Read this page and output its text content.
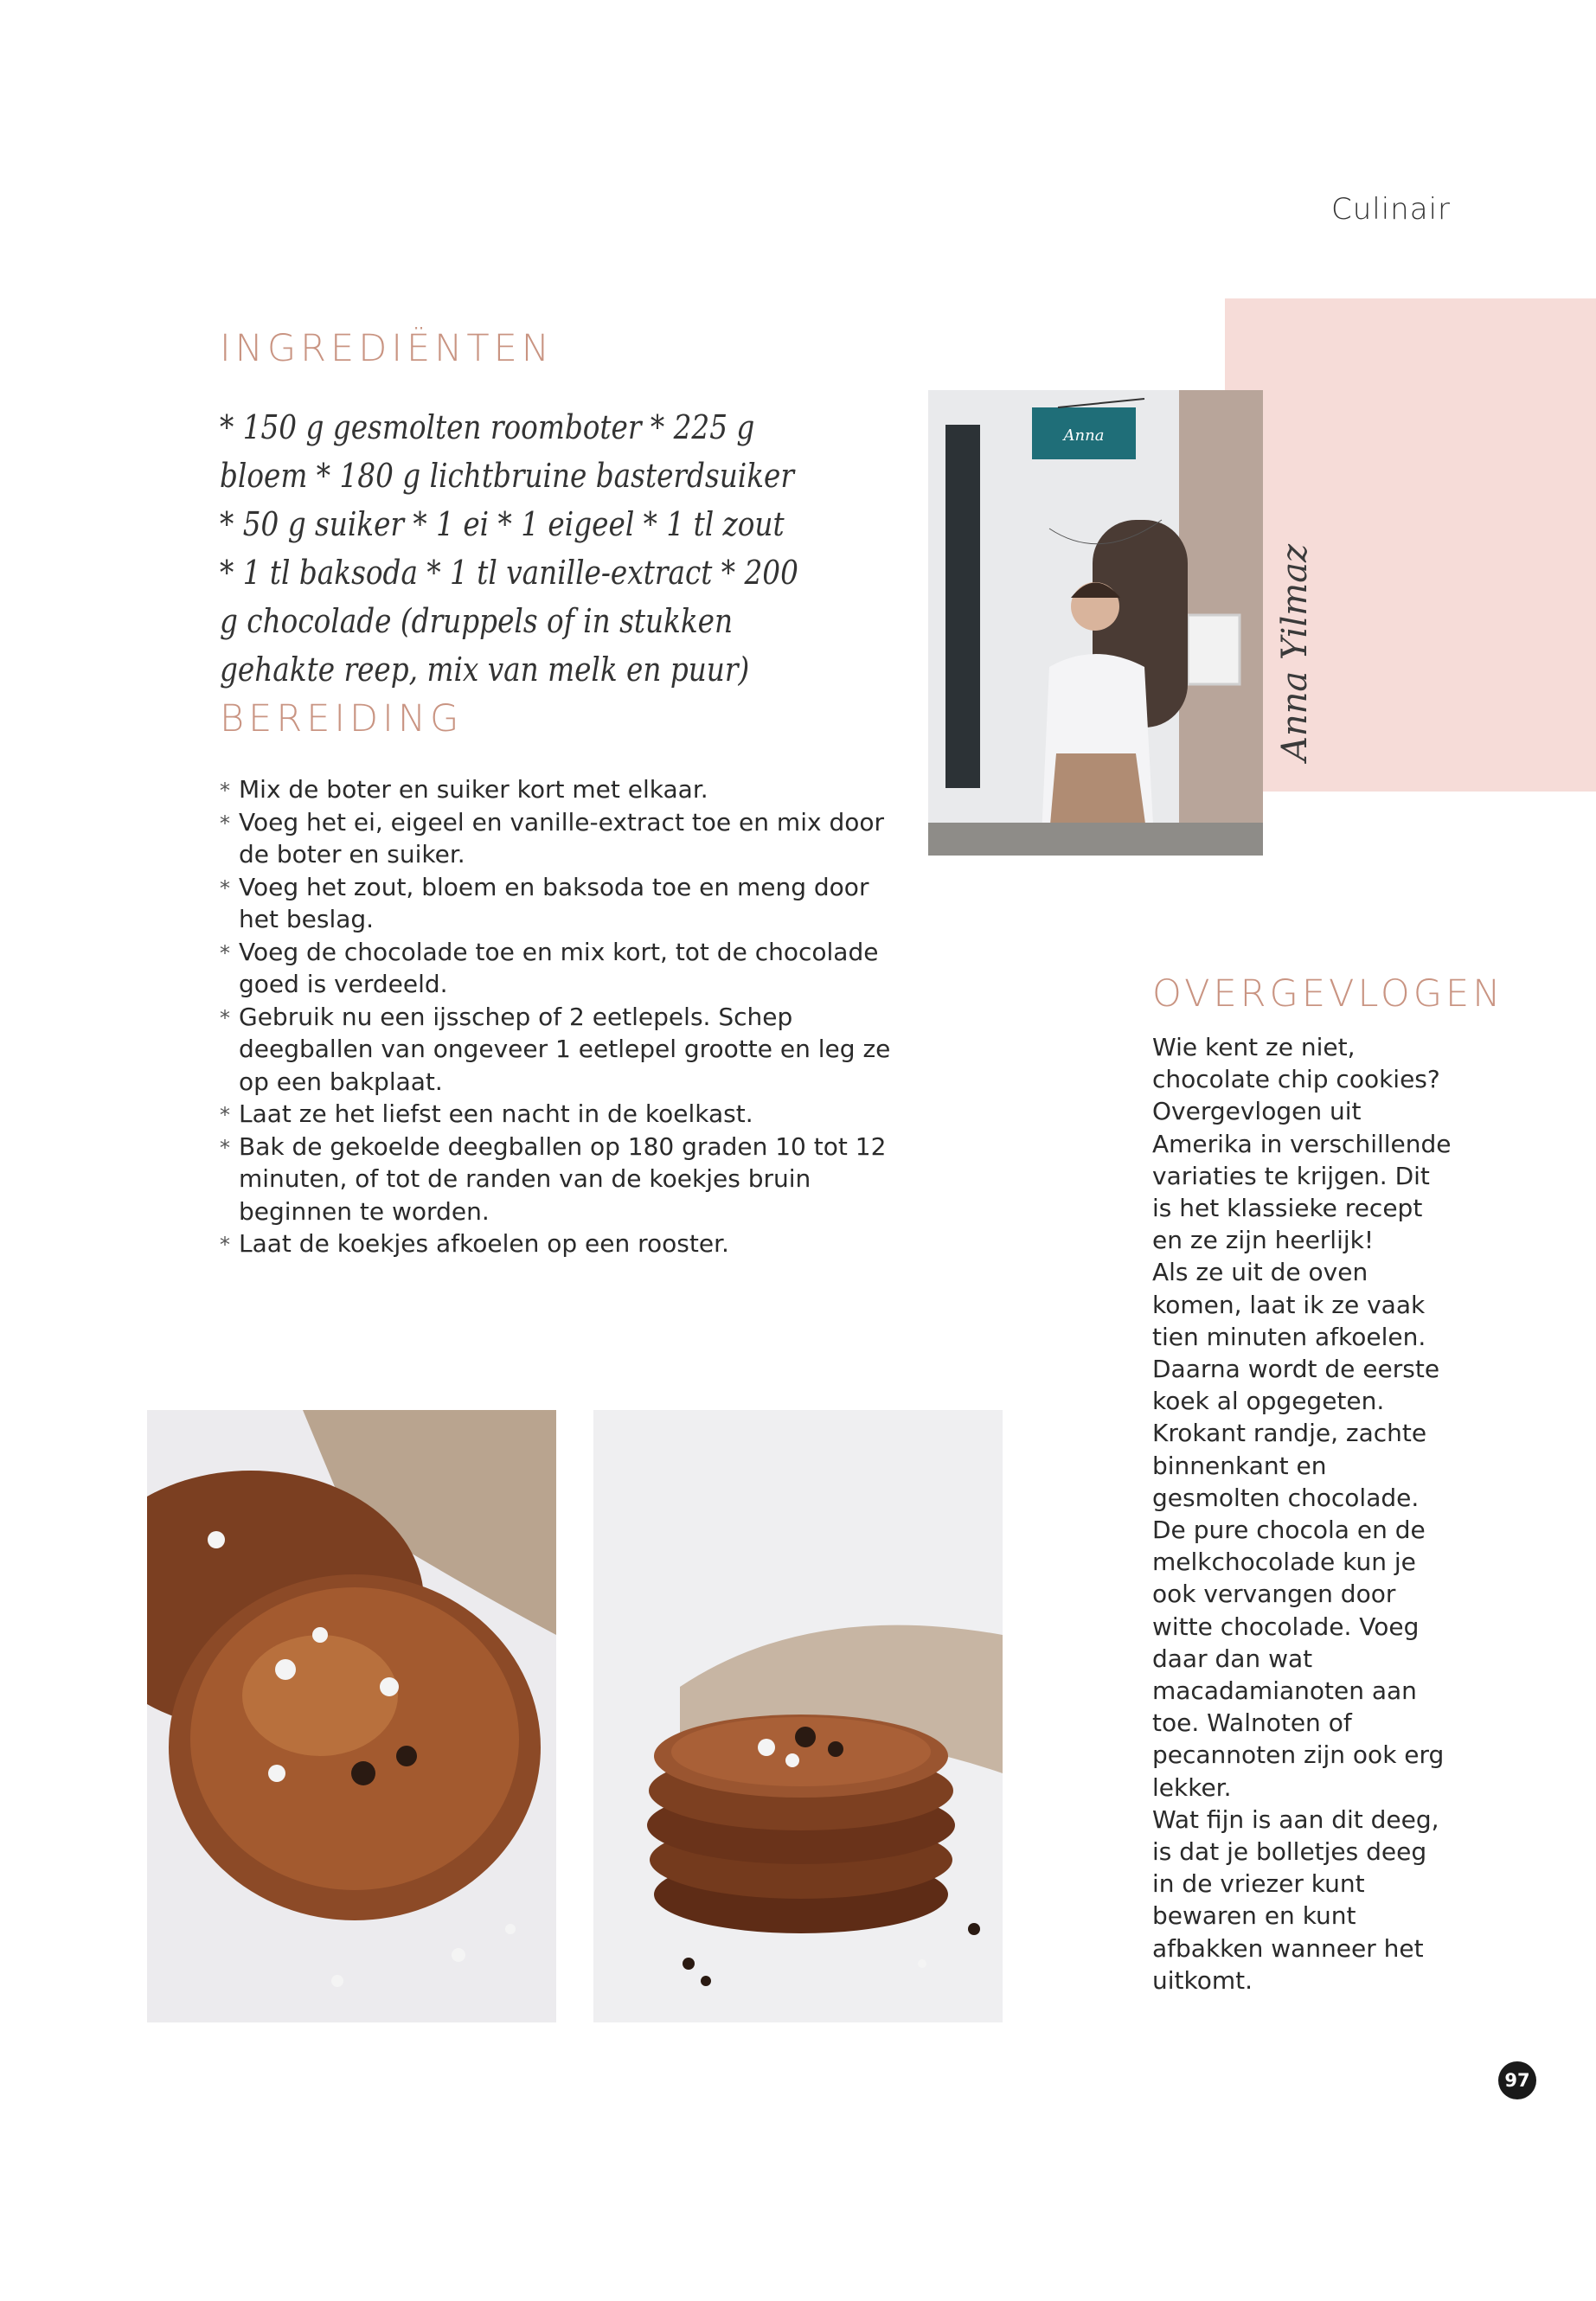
Culinair
Anna
Anna Yilmaz
INGREDIËNTEN
* 150 g gesmolten roomboter * 225 g bloem * 180 g lichtbruine basterdsuiker * 50 g suiker * 1 ei * 1 eigeel * 1 tl zout * 1 tl baksoda * 1 tl vanille-extract * 200 g chocolade (druppels of in stukken gehakte reep, mix van melk en puur)
BEREIDING
* Mix de boter en suiker kort met elkaar.
* Voeg het ei, eigeel en vanille-extract toe en mix door de boter en suiker.
* Voeg het zout, bloem en baksoda toe en meng door het beslag.
* Voeg de chocolade toe en mix kort, tot de chocolade goed is verdeeld.
* Gebruik nu een ijsschep of 2 eetlepels. Schep deegballen van ongeveer 1 eetlepel grootte en leg ze op een bakplaat.
* Laat ze het liefst een nacht in de koelkast.
* Bak de gekoelde deegballen op 180 graden 10 tot 12 minuten, of tot de randen van de koekjes bruin beginnen te worden.
* Laat de koekjes afkoelen op een rooster.
OVERGEVLOGEN

Wie kent ze niet, chocolate chip cookies? Overgevlogen uit Amerika in verschillende variaties te krijgen. Dit is het klassieke recept en ze zijn heerlijk!

Als ze uit de oven komen, laat ik ze vaak tien minuten afkoelen. Daarna wordt de eerste koek al opgegeten. Krokant randje, zachte binnenkant en gesmolten chocolade.

De pure chocola en de melkchocolade kun je ook vervangen door witte chocolade. Voeg daar dan wat macadamianoten aan toe. Walnoten of pecannoten zijn ook erg lekker.

Wat fijn is aan dit deeg, is dat je bolletjes deeg in de vriezer kunt bewaren en kunt afbakken wanneer het uitkomt.

97
